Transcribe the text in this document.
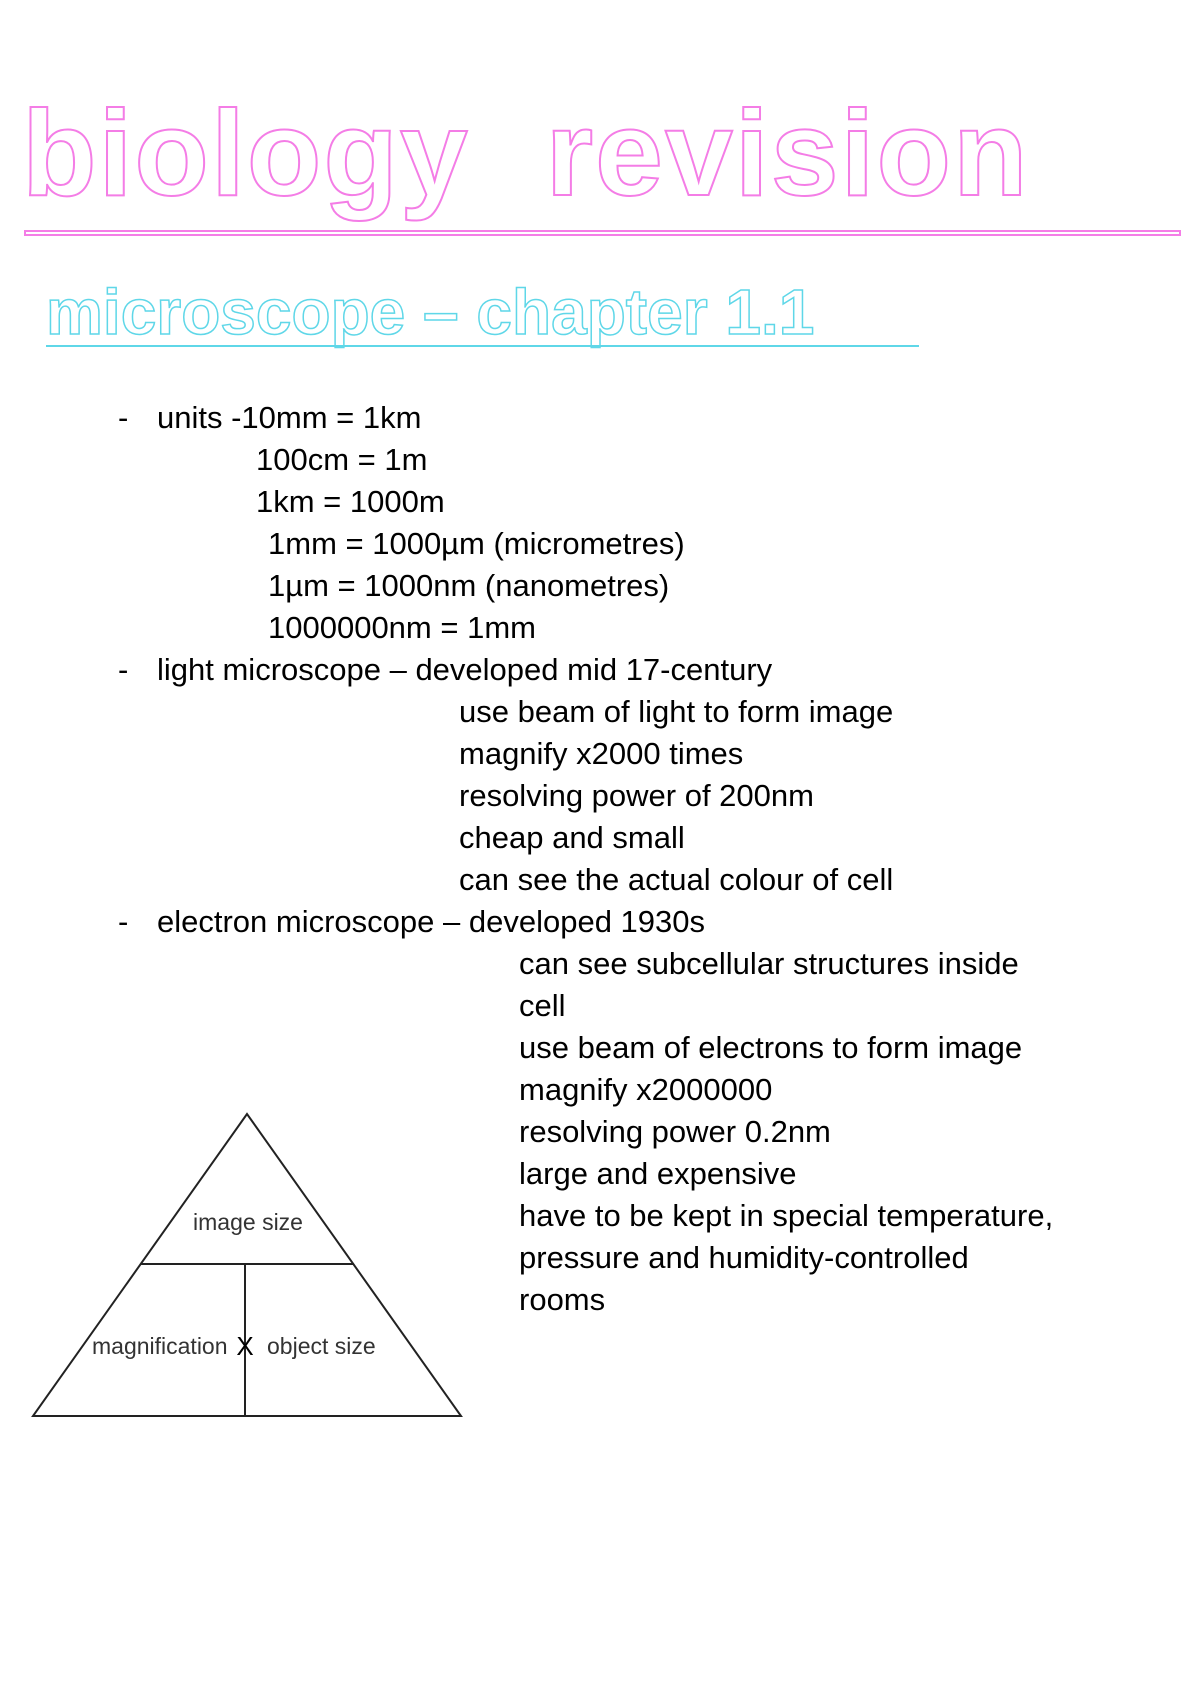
biology revision
microscope – chapter 1.1
- units -10mm = 1km
100cm = 1m
1km = 1000m
1mm = 1000µm (micrometres)
1µm = 1000nm (nanometres)
1000000nm = 1mm
- light microscope – developed mid 17-century
use beam of light to form image
magnify x2000 times
resolving power of 200nm
cheap and small
can see the actual colour of cell
- electron microscope – developed 1930s
can see subcellular structures inside
cell
use beam of electrons to form image
magnify x2000000
resolving power 0.2nm
large and expensive
have to be kept in special temperature,
pressure and humidity-controlled
rooms
image size
magnification X object size
